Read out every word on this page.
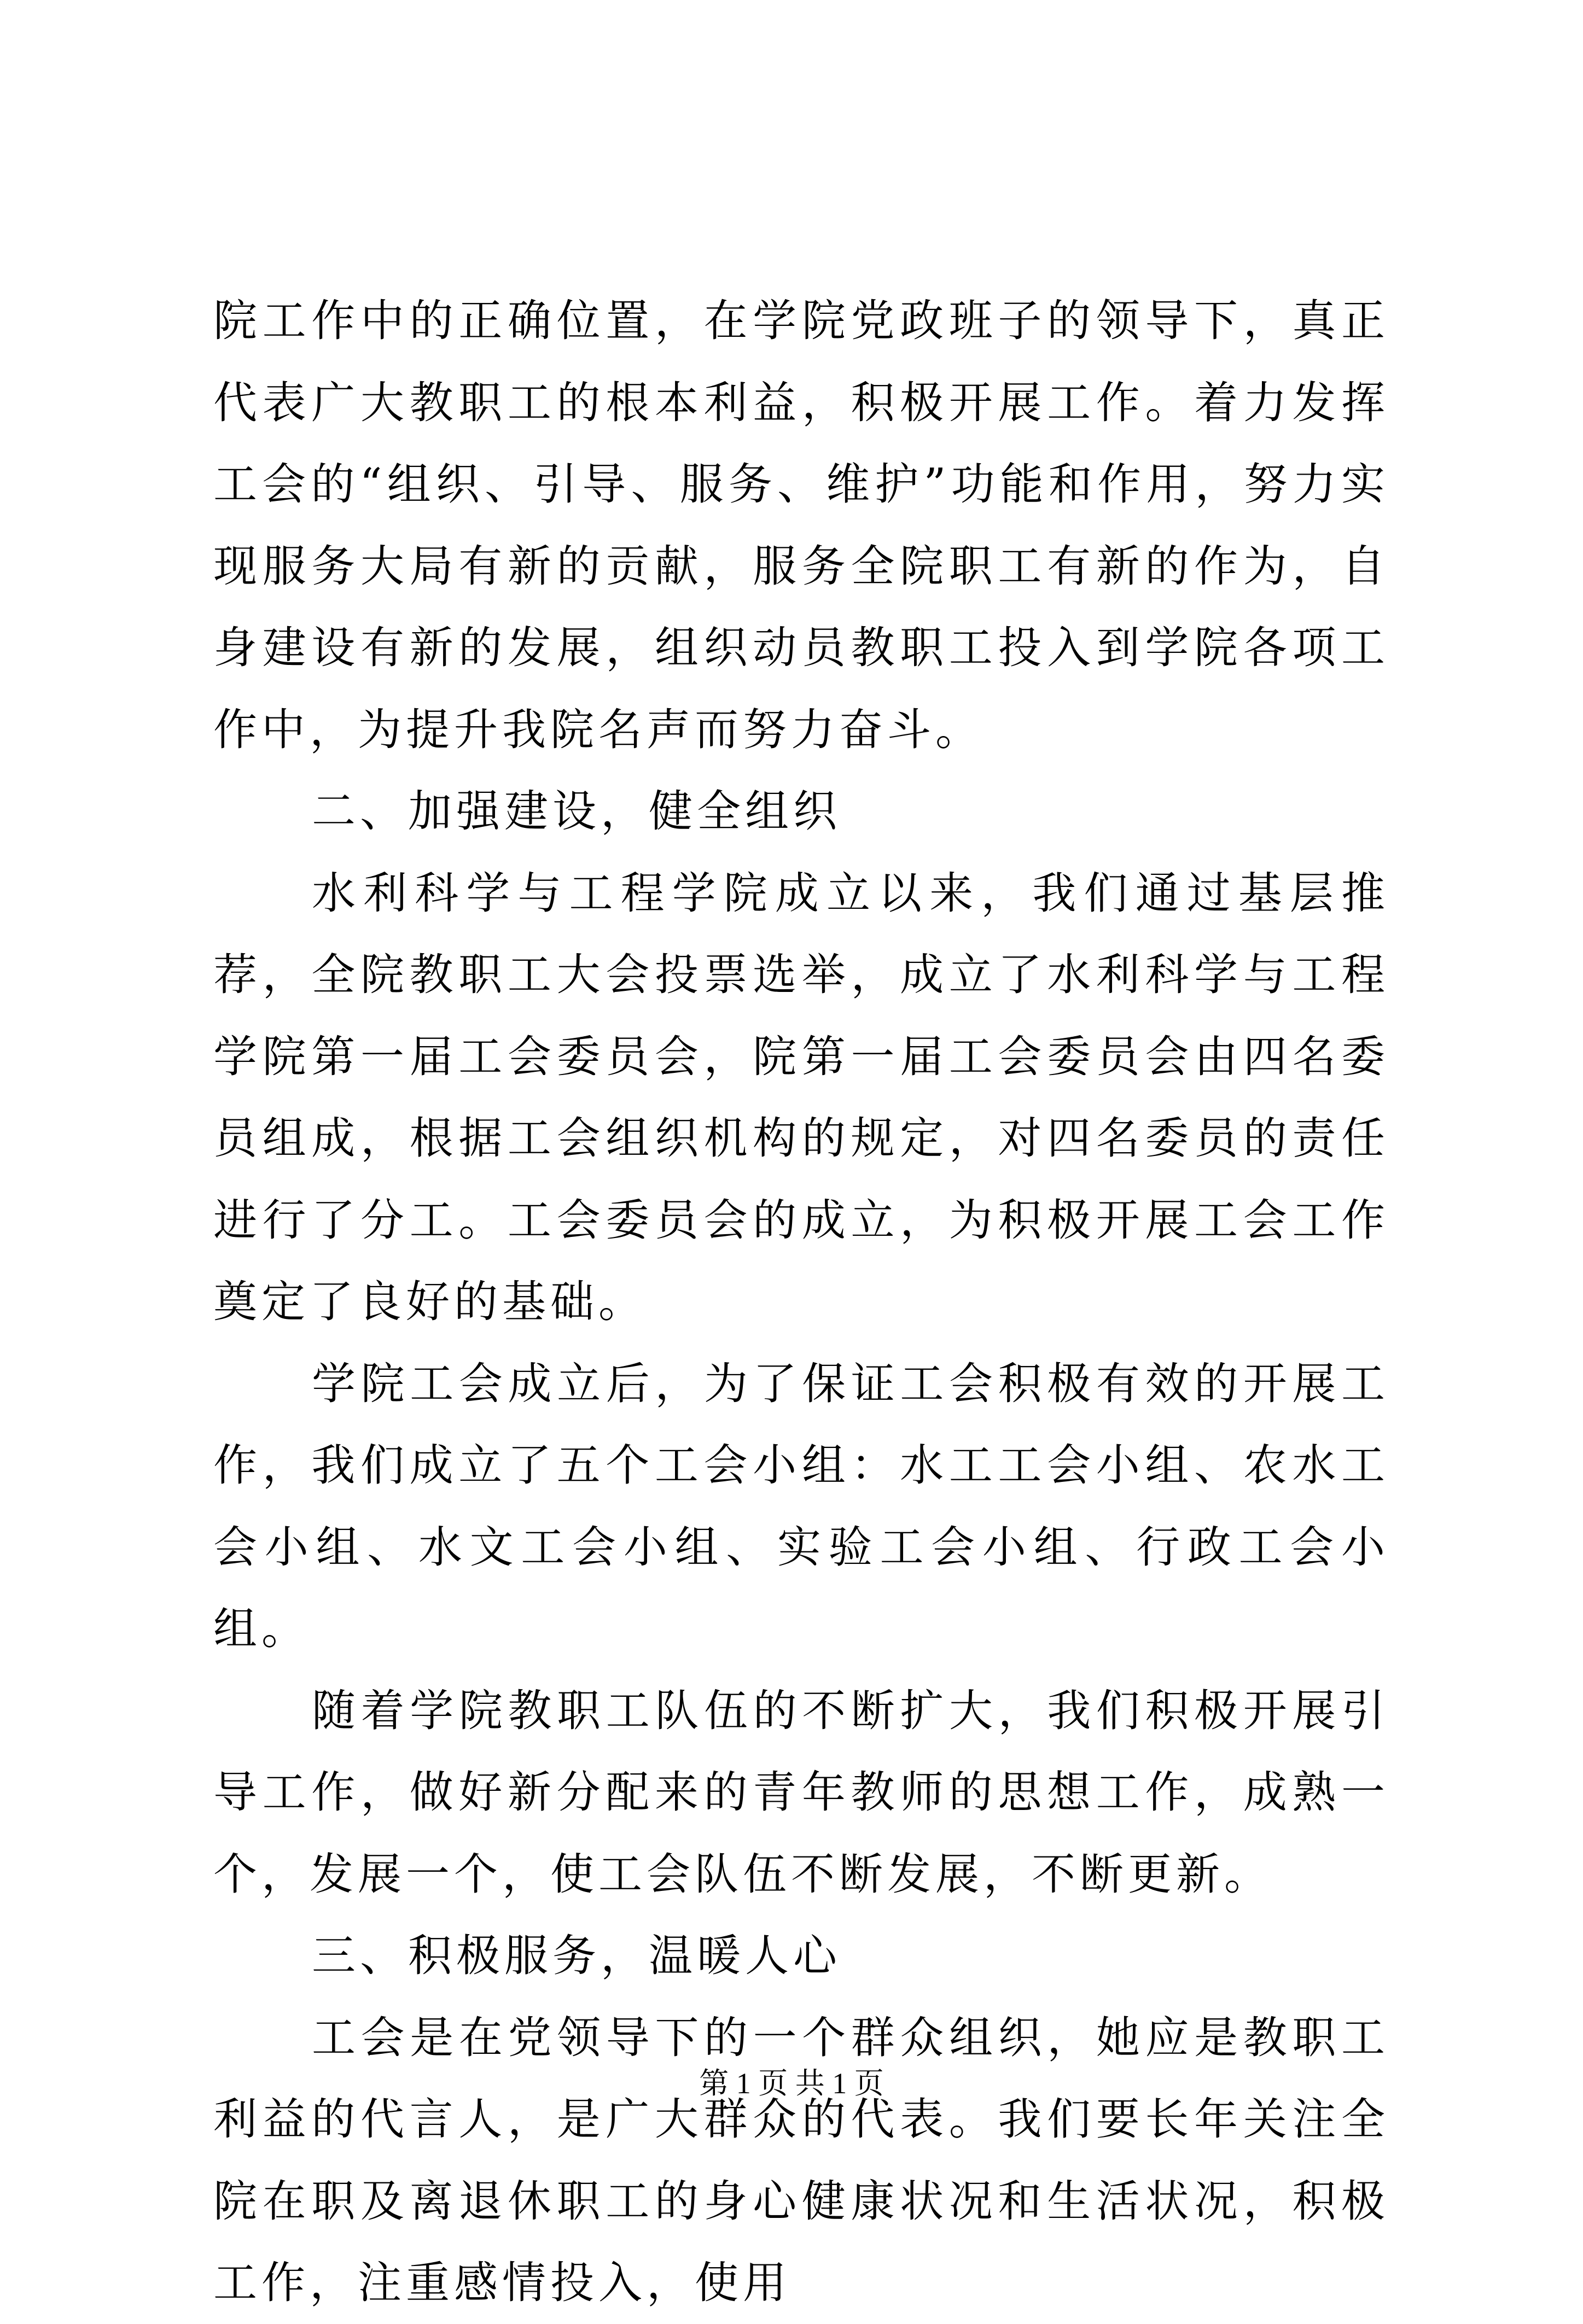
院工作中的正确位置，在学院党政班子的领导下，真正代表广大教职工的根本利益，积极开展工作。着力发挥工会的“组织、引导、服务、维护”功能和作用，努力实现服务大局有新的贡献，服务全院职工有新的作为，自身建设有新的发展，组织动员教职工投入到学院各项工作中，为提升我院名声而努力奋斗。

二、加强建设，健全组织

水利科学与工程学院成立以来，我们通过基层推荐，全院教职工大会投票选举，成立了水利科学与工程学院第一届工会委员会，院第一届工会委员会由四名委员组成，根据工会组织机构的规定，对四名委员的责任进行了分工。工会委员会的成立，为积极开展工会工作奠定了良好的基础。

学院工会成立后，为了保证工会积极有效的开展工作，我们成立了五个工会小组：水工工会小组、农水工会小组、水文工会小组、实验工会小组、行政工会小组。

随着学院教职工队伍的不断扩大，我们积极开展引导工作，做好新分配来的青年教师的思想工作，成熟一个，发展一个，使工会队伍不断发展，不断更新。

三、积极服务，温暖人心

工会是在党领导下的一个群众组织，她应是教职工利益的代言人，是广大群众的代表。我们要长年关注全院在职及离退休职工的身心健康状况和生活状况，积极工作，注重感情投入，使用

第 1 页 共 1 页
